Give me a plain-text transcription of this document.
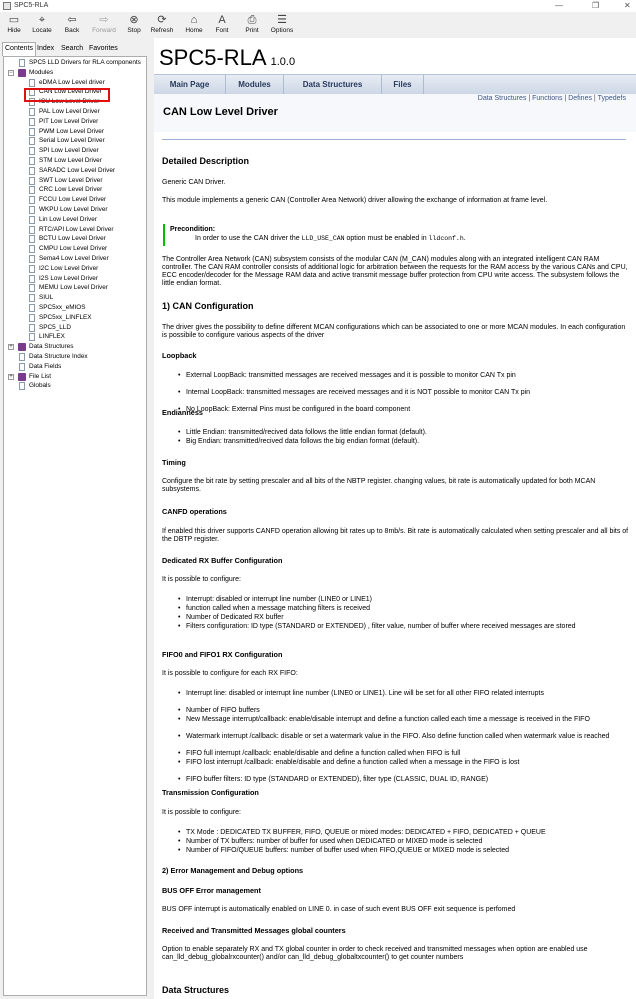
SPC5-RLA	—	❐	✕
▭
Hide
⌖
Locate
⇦
Back
⇨
Forward
⊗
Stop
⟳
Refresh
⌂
Home
A
Font
⎙
Print
☰
Options
Contents Index Search Favorites
SPC5 LLD Drivers for RLA components
−	Modules
eDMA Low Level driver
CAN Low Level Driver
ICU Low Level Driver
PAL Low Level Driver
PIT Low Level Driver
PWM Low Level Driver
Serial Low Level Driver
SPI Low Level Driver
STM Low Level Driver
SARADC Low Level Driver
SWT Low Level Driver
CRC Low Level Driver
FCCU Low Level Driver
WKPU Low Level Driver
Lin Low Level Driver
RTC/API Low Level Driver
BCTU Low Level Driver
CMPU Low Level Driver
Sema4 Low Level Driver
I2C Low Level Driver
I2S Low Level Driver
MEMU Low Level Driver
SIUL
SPC5xx_eMIOS
SPC5xx_LINFLEX
SPC5_LLD
LINFLEX
+	Data Structures
Data Structure Index
Data Fields
+	File List
Globals
SPC5-RLA 1.0.0
Main Page	Modules	Data Structures	Files
Data Structures | Functions | Defines | Typedefs
CAN Low Level Driver
Detailed Description
Generic CAN Driver.
This module implements a generic CAN (Controller Area Network) driver allowing the exchange of information at frame level.
Precondition:
In order to use the CAN driver the LLD_USE_CAN option must be enabled in lldconf.h.
The Controller Area Network (CAN) subsystem consists of the modular CAN (M_CAN) modules along with an integrated intelligent CAN RAM controller. The CAN RAM controller consists of additional logic for arbitration between the requests for the RAM access by the various CANs and CPU, ECC encoder/decoder for the Message RAM data and active transmit message buffer protection from CPU write access. The subsystem follows the little endian format.
1) CAN Configuration
The driver gives the possibility to define different MCAN configurations which can be associated to one or more MCAN modules. In each configuration is possibile to configure various aspects of the driver
Loopback
• External LoopBack: transmitted messages are received messages and it is possible to monitor CAN Tx pin
• Internal LoopBack: transmitted messages are received messages and it is NOT possible to monitor CAN Tx pin
• No LoopBack: External Pins must be configured in the board component
Endianness
• Little Endian: transmitted/recived data follows the little endian format (default).
• Big Endian: transmitted/recived data follows the big endian format (default).
Timing
Configure the bit rate by setting prescaler and all bits of the NBTP register. changing values, bit rate is automatically updated for both MCAN subsystems.
CANFD operations
If enabled this driver supports CANFD operation allowing bit rates up to 8mb/s. Bit rate is automatically calculated when setting prescaler and all bits of the DBTP register.
Dedicated RX Buffer Configuration
It is possible to configure:
• Interrupt: disabled or interrupt line number (LINE0 or LINE1)
• function called when a message matching filters is received
• Number of Dedicated RX buffer
• Filters configuration: ID type (STANDARD or EXTENDED) , filter value, number of buffer where received messages are stored
FIFO0 and FIFO1 RX Configuration
It is possible to configure for each RX FIFO:
• Interrupt line: disabled or interrupt line number (LINE0 or LINE1). Line will be set for all other FIFO related interrupts
• Number of FIFO buffers
• New Message interrupt/callback: enable/disable interrupt and define a function called each time a message is received in the FIFO
• Watermark interrupt /callback: disable or set a watermark value in the FIFO. Also define function called when watermark value is reached
• FIFO full interrupt /callback: enable/disable and define a function called when FIFO is full
• FIFO lost interrupt /callback: enable/disable and define a function called when a message in the FIFO is lost
• FIFO buffer filters: ID type (STANDARD or EXTENDED), filter type (CLASSIC, DUAL ID, RANGE)
Transmission Configuration
It is possible to configure:
• TX Mode : DEDICATED TX BUFFER, FIFO, QUEUE or mixed modes: DEDICATED + FIFO, DEDICATED + QUEUE
• Number of TX buffers: number of buffer for used when DEDICATED or MIXED mode is selected
• Number of FIFO/QUEUE buffers: number of buffer used when FIFO,QUEUE or MIXED mode is selected
2) Error Management and Debug options
BUS OFF Error management
BUS OFF interrupt is automatically enabled on LINE 0. in case of such event BUS OFF exit sequence is perfomed
Received and Transmitted Messages global counters
Option to enable separately RX and TX global counter in order to check received and transmitted messages when option are enabled use can_lld_debug_globalrxcounter() and/or can_lld_debug_globaltxcounter() to get counter numbers
Data Structures
